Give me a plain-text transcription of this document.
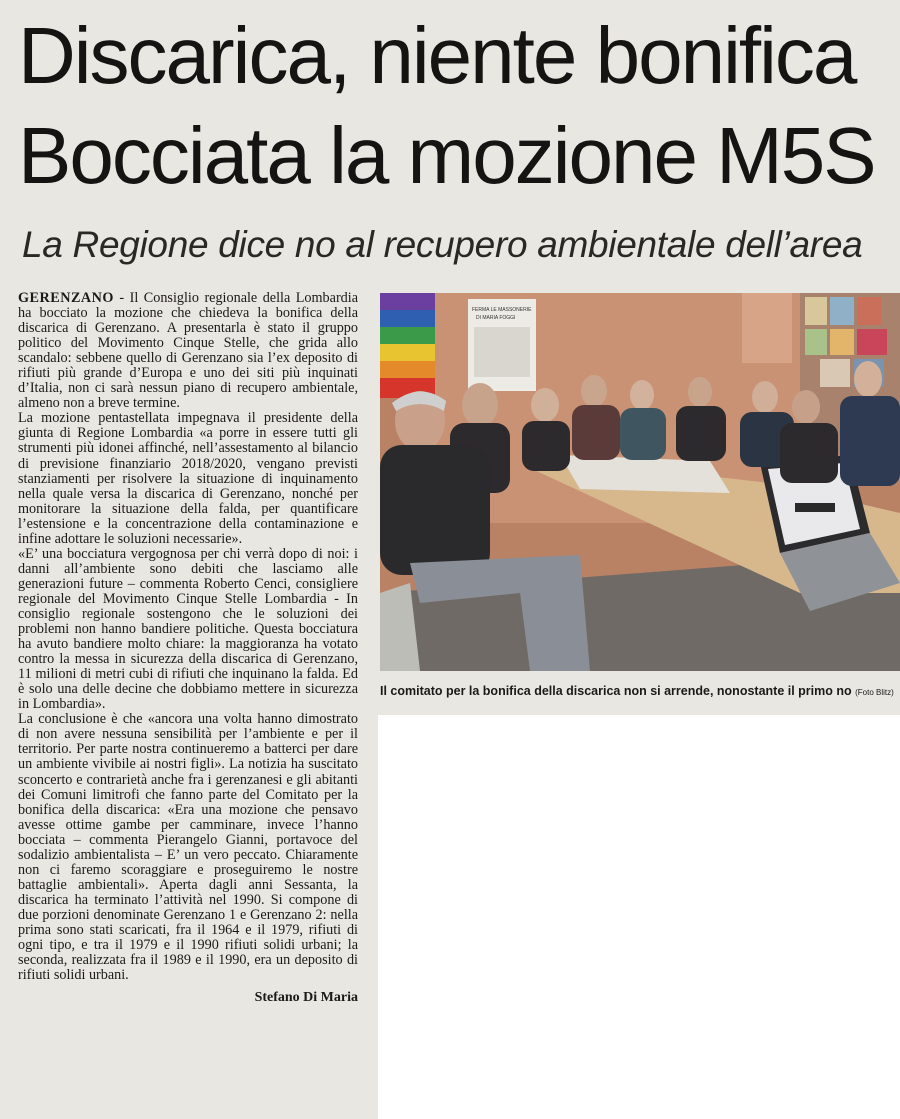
Discarica, niente bonifica
Bocciata la mozione M5S
La Regione dice no al recupero ambientale dell’area

GERENZANO - Il Consiglio regionale della Lombardia ha bocciato la mozione che chiedeva la bonifica della discarica di Gerenzano. A presentarla è stato il gruppo politico del Movimento Cinque Stelle, che grida allo scandalo: sebbene quello di Gerenzano sia l’ex deposito di rifiuti più grande d’Europa e uno dei siti più inquinati d’Italia, non ci sarà nessun piano di recupero ambientale, almeno non a breve termine.

La mozione pentastellata impegnava il presidente della giunta di Regione Lombardia «a porre in essere tutti gli strumenti più idonei affinché, nell’assestamento al bilancio di previsione finanziario 2018/2020, vengano previsti stanziamenti per risolvere la situazione di inquinamento nella quale versa la discarica di Gerenzano, nonché per monitorare la situazione della falda, per quantificare l’estensione e la concentrazione della contaminazione e infine adottare le soluzioni necessarie».

«E’ una bocciatura vergognosa per chi verrà dopo di noi: i danni all’ambiente sono debiti che lasciamo alle generazioni future – commenta Roberto Cenci, consigliere regionale del Movimento Cinque Stelle Lombardia - In consiglio regionale sostengono che le soluzioni dei problemi non hanno bandiere politiche. Questa bocciatura ha avuto bandiere molto chiare: la maggioranza ha votato contro la messa in sicurezza della discarica di Gerenzano, 11 milioni di metri cubi di rifiuti che inquinano la falda. Ed è solo una delle decine che dobbiamo mettere in sicurezza in Lombardia».

La conclusione è che «ancora una volta hanno dimostrato di non avere nessuna sensibilità per l’ambiente e per il territorio. Per parte nostra continueremo a batterci per dare un ambiente vivibile ai nostri figli». La notizia ha suscitato sconcerto e contrarietà anche fra i gerenzanesi e gli abitanti dei Comuni limitrofi che fanno parte del Comitato per la bonifica della discarica: «Era una mozione che pensavo avesse ottime gambe per camminare, invece l’hanno bocciata – commenta Pierangelo Gianni, portavoce del sodalizio ambientalista – E’ un vero peccato. Chiaramente non ci faremo scoraggiare e proseguiremo le nostre battaglie ambientali». Aperta dagli anni Sessanta, la discarica ha terminato l’attività nel 1990. Si compone di due porzioni denominate Gerenzano 1 e Gerenzano 2: nella prima sono stati scaricati, fra il 1964 e il 1979, rifiuti di ogni tipo, e tra il 1979 e il 1990 rifiuti solidi urbani; la seconda, realizzata fra il 1989 e il 1990, era un deposito di rifiuti solidi urbani.

Stefano Di Maria
FERMA LE MASSONERIE
DI MARIA FOGGI
Il comitato per la bonifica della discarica non si arrende, nonostante il primo no (Foto Blitz)
